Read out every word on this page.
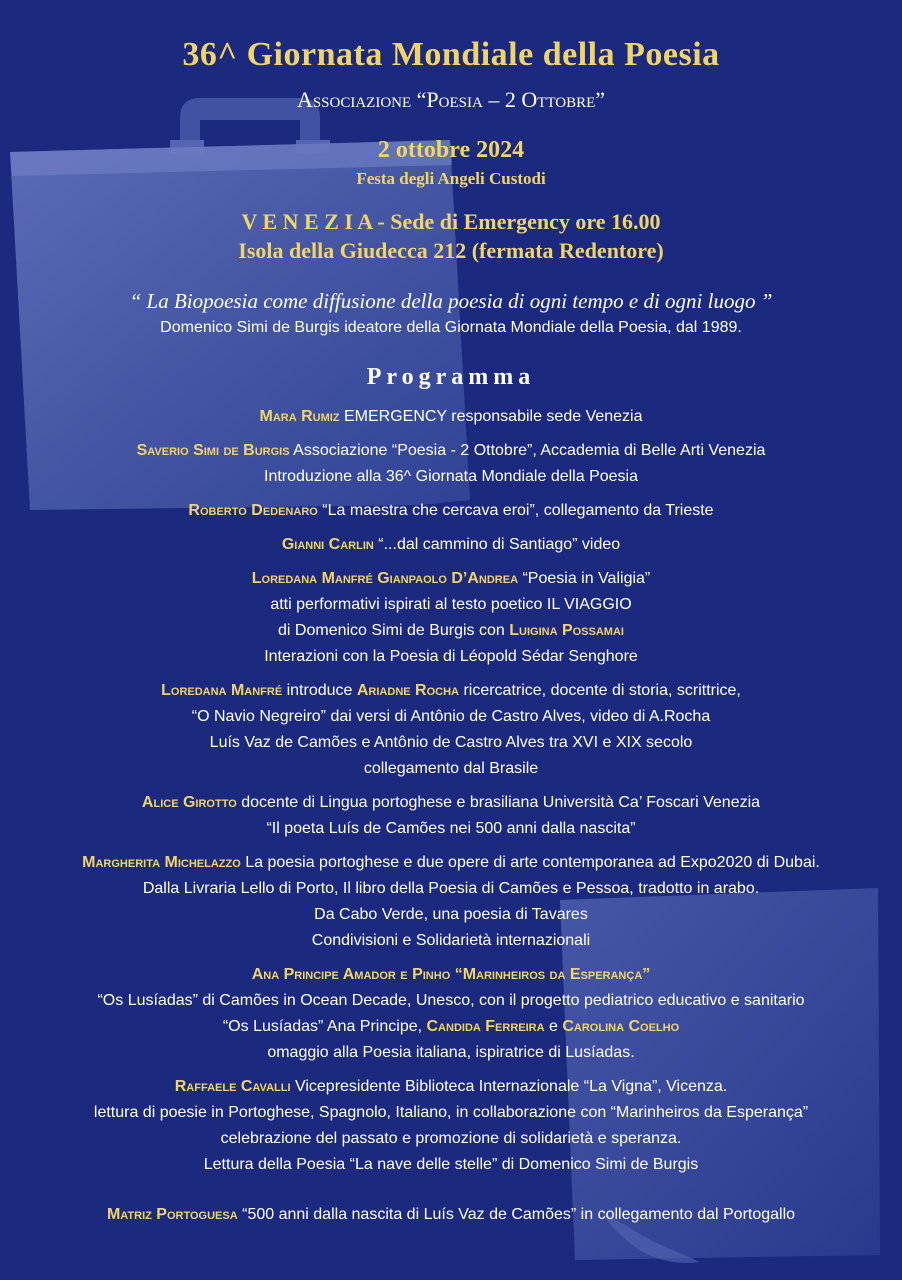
36^ Giornata Mondiale della Poesia
Associazione “Poesia – 2 Ottobre”
2 ottobre 2024
Festa degli Angeli Custodi
V E N E Z I A - Sede di Emergency ore 16.00
Isola della Giudecca 212 (fermata Redentore)
“ La Biopoesia come diffusione della poesia di ogni tempo e di ogni luogo ”
Domenico Simi de Burgis ideatore della Giornata Mondiale della Poesia, dal 1989.
Programma
Mara Rumiz EMERGENCY responsabile sede Venezia
Saverio Simi de Burgis Associazione “Poesia - 2 Ottobre”, Accademia di Belle Arti Venezia
Introduzione alla 36^ Giornata Mondiale della Poesia
Roberto Dedenaro “La maestra che cercava eroi”, collegamento da Trieste
Gianni Carlin “...dal cammino di Santiago” video
Loredana Manfré Gianpaolo D’Andrea “Poesia in Valigia”
atti performativi ispirati al testo poetico IL VIAGGIO
di Domenico Simi de Burgis con Luigina Possamai
Interazioni con la Poesia di Léopold Sédar Senghore
Loredana Manfré introduce Ariadne Rocha ricercatrice, docente di storia, scrittrice,
“O Navio Negreiro” dai versi di Antônio de Castro Alves, video di A.Rocha
Luís Vaz de Camões e Antônio de Castro Alves tra XVI e XIX secolo
collegamento dal Brasile
Alice Girotto docente di Lingua portoghese e brasiliana Università Ca’ Foscari Venezia
“Il poeta Luís de Camões nei 500 anni dalla nascita”
Margherita Michelazzo La poesia portoghese e due opere di arte contemporanea ad Expo2020 di Dubai.
Dalla Livraria Lello di Porto, Il libro della Poesia di Camões e Pessoa, tradotto in arabo.
Da Cabo Verde, una poesia di Tavares
Condivisioni e Solidarietà internazionali
Ana Principe Amador e Pinho “Marinheiros da Esperança”
“Os Lusíadas” di Camões in Ocean Decade, Unesco, con il progetto pediatrico educativo e sanitario
“Os Lusíadas” Ana Principe, Candida Ferreira e Carolina Coelho
omaggio alla Poesia italiana, ispiratrice di Lusíadas.
Raffaele Cavalli Vicepresidente Biblioteca Internazionale “La Vigna”, Vicenza.
lettura di poesie in Portoghese, Spagnolo, Italiano, in collaborazione con “Marinheiros da Esperança”
celebrazione del passato e promozione di solidarietà e speranza.
Lettura della Poesia “La nave delle stelle” di Domenico Simi de Burgis
Matriz Portoguesa “500 anni dalla nascita di Luís Vaz de Camões” in collegamento dal Portogallo
